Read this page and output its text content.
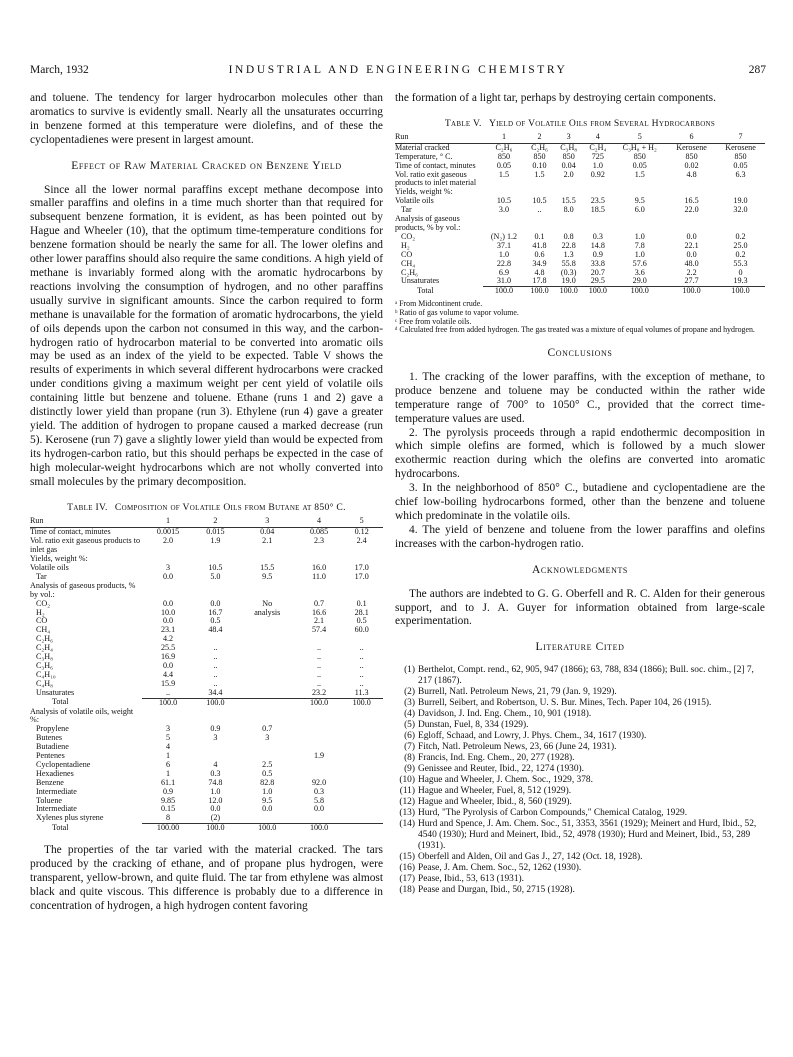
March, 1932	INDUSTRIAL AND ENGINEERING CHEMISTRY	287

and toluene. The tendency for larger hydrocarbon molecules other than aromatics to survive is evidently small. Nearly all the unsaturates occurring in benzene formed at this temperature were diolefins, and of these the cyclopentadienes were present in largest amount.

Effect of Raw Material Cracked on Benzene Yield

Since all the lower normal paraffins except methane decompose into smaller paraffins and olefins in a time much shorter than that required for subsequent benzene formation, it is evident, as has been pointed out by Hague and Wheeler (10), that the optimum time-temperature conditions for benzene formation should be nearly the same for all. The lower olefins and other lower paraffins should also require the same conditions. A high yield of methane is invariably formed along with the aromatic hydrocarbons by reactions involving the consumption of hydrogen, and no other paraffins usually survive in significant amounts. Since the carbon required to form methane is unavailable for the formation of aromatic hydrocarbons, the yield of oils depends upon the carbon not consumed in this way, and the carbon-hydrogen ratio of hydrocarbon material to be converted into aromatic oils may be used as an index of the yield to be expected. Table V shows the results of experiments in which several different hydrocarbons were cracked under conditions giving a maximum weight per cent yield of volatile oils containing little but benzene and toluene. Ethane (runs 1 and 2) gave a distinctly lower yield than propane (run 3). Ethylene (run 4) gave a greater yield. The addition of hydrogen to propane caused a marked decrease (run 5). Kerosene (run 7) gave a slightly lower yield than would be expected from its hydrogen-carbon ratio, but this should perhaps be expected in the case of high molecular-weight hydrocarbons which are not wholly converted into small molecules by the primary decomposition.

Table IV. Composition of Volatile Oils from Butane at 850° C.
Run	1	2	3	4	5
Time of contact, minutes	0.0015	0.015	0.04	0.085	0.12
Vol. ratio exit gaseous products to inlet gas	2.0	1.9	2.1	2.3	2.4
Yields, weight %:					
Volatile oils	3	10.5	15.5	16.0	17.0
Tar	0.0	5.0	9.5	11.0	17.0
Analysis of gaseous products, % by vol.:					
CO₂	0.0	0.0	No	0.7	0.1
H₂	10.0	16.7	analysis	16.6	28.1
CO	0.0	0.5		2.1	0.5
CH₄	23.1	48.4		57.4	60.0
C₂H₆	4.2				
C₂H₄	25.5	..		..	..
C₃H₈	16.9	..		..	..
C₃H₆	0.0	..		..	..
C₄H₁₀	4.4	..		..	..
C₄H₈	15.9	..		..	..
Unsaturates	..	34.4		23.2	11.3
Total	100.0	100.0		100.0	100.0
Analysis of volatile oils, weight %:					
Propylene	3	0.9	0.7		
Butenes	5	3	3		
Butadiene	4				
Pentenes	1			1.9	
Cyclopentadiene	6	4	2.5		
Hexadienes	1	0.3	0.5		
Benzene	61.1	74.8	82.8	92.0	
Intermediate	0.9	1.0	1.0	0.3	
Toluene	9.85	12.0	9.5	5.8	
Intermediate	0.15	0.0	0.0	0.0	
Xylenes plus styrene	8	(2)			
Total	100.00	100.0	100.0	100.0	

The properties of the tar varied with the material cracked. The tars produced by the cracking of ethane, and of propane plus hydrogen, were transparent, yellow-brown, and quite fluid. The tar from ethylene was almost black and quite viscous. This difference is probably due to a difference in concentration of hydrogen, a high hydrogen content favoring

the formation of a light tar, perhaps by destroying certain components.

Table V. Yield of Volatile Oils from Several Hydrocarbons
Run	1	2	3	4	5	6	7
Material cracked	C₂H₆	C₂H₆	C₃H₈	C₂H₄	C₃H₈ + H₂	Kerosene	Kerosene
Temperature, ° C.	850	850	850	725	850	850	850
Time of contact, minutes	0.05	0.10	0.04	1.0	0.05	0.02	0.05
Vol. ratio exit gaseous products to inlet material	1.5	1.5	2.0	0.92	1.5	4.8	6.3
Yields, weight %:							
Volatile oils	10.5	10.5	15.5	23.5	9.5	16.5	19.0
Tar	3.0	..	8.0	18.5	6.0	22.0	32.0
Analysis of gaseous products, % by vol.:							
CO₂	(N₂) 1.2	0.1	0.8	0.3	1.0	0.0	0.2
H₂	37.1	41.8	22.8	14.8	7.8	22.1	25.0
CO	1.0	0.6	1.3	0.9	1.0	0.0	0.2
CH₄	22.8	34.9	55.8	33.8	57.6	48.0	55.3
C₂H₆	6.9	4.8	(0.3)	20.7	3.6	2.2	0
Unsaturates	31.0	17.8	19.0	29.5	29.0	27.7	19.3
Total	100.0	100.0	100.0	100.0	100.0	100.0	100.0
ᵃ From Midcontinent crude.
ᵇ Ratio of gas volume to vapor volume.
ᶜ Free from volatile oils.
ᵈ Calculated free from added hydrogen. The gas treated was a mixture of equal volumes of propane and hydrogen.
Conclusions

1. The cracking of the lower paraffins, with the exception of methane, to produce benzene and toluene may be conducted within the rather wide temperature range of 700° to 1050° C., provided that the correct time-temperature values are used.

2. The pyrolysis proceeds through a rapid endothermic decomposition in which simple olefins are formed, which is followed by a much slower exothermic reaction during which the olefins are converted into aromatic hydrocarbons.

3. In the neighborhood of 850° C., butadiene and cyclopentadiene are the chief low-boiling hydrocarbons formed, other than the benzene and toluene which predominate in the volatile oils.

4. The yield of benzene and toluene from the lower paraffins and olefins increases with the carbon-hydrogen ratio.

Acknowledgments

The authors are indebted to G. G. Oberfell and R. C. Alden for their generous support, and to J. A. Guyer for information obtained from large-scale experimentation.

Literature Cited
(1) Berthelot, Compt. rend., 62, 905, 947 (1866); 63, 788, 834 (1866); Bull. soc. chim., [2] 7, 217 (1867).
(2) Burrell, Natl. Petroleum News, 21, 79 (Jan. 9, 1929).
(3) Burrell, Seibert, and Robertson, U. S. Bur. Mines, Tech. Paper 104, 26 (1915).
(4) Davidson, J. Ind. Eng. Chem., 10, 901 (1918).
(5) Dunstan, Fuel, 8, 334 (1929).
(6) Egloff, Schaad, and Lowry, J. Phys. Chem., 34, 1617 (1930).
(7) Fitch, Natl. Petroleum News, 23, 66 (June 24, 1931).
(8) Francis, Ind. Eng. Chem., 20, 277 (1928).
(9) Genissee and Reuter, Ibid., 22, 1274 (1930).
(10) Hague and Wheeler, J. Chem. Soc., 1929, 378.
(11) Hague and Wheeler, Fuel, 8, 512 (1929).
(12) Hague and Wheeler, Ibid., 8, 560 (1929).
(13) Hurd, "The Pyrolysis of Carbon Compounds," Chemical Catalog, 1929.
(14) Hurd and Spence, J. Am. Chem. Soc., 51, 3353, 3561 (1929); Meinert and Hurd, Ibid., 52, 4540 (1930); Hurd and Meinert, Ibid., 52, 4978 (1930); Hurd and Meinert, Ibid., 53, 289 (1931).
(15) Oberfell and Alden, Oil and Gas J., 27, 142 (Oct. 18, 1928).
(16) Pease, J. Am. Chem. Soc., 52, 1262 (1930).
(17) Pease, Ibid., 53, 613 (1931).
(18) Pease and Durgan, Ibid., 50, 2715 (1928).
